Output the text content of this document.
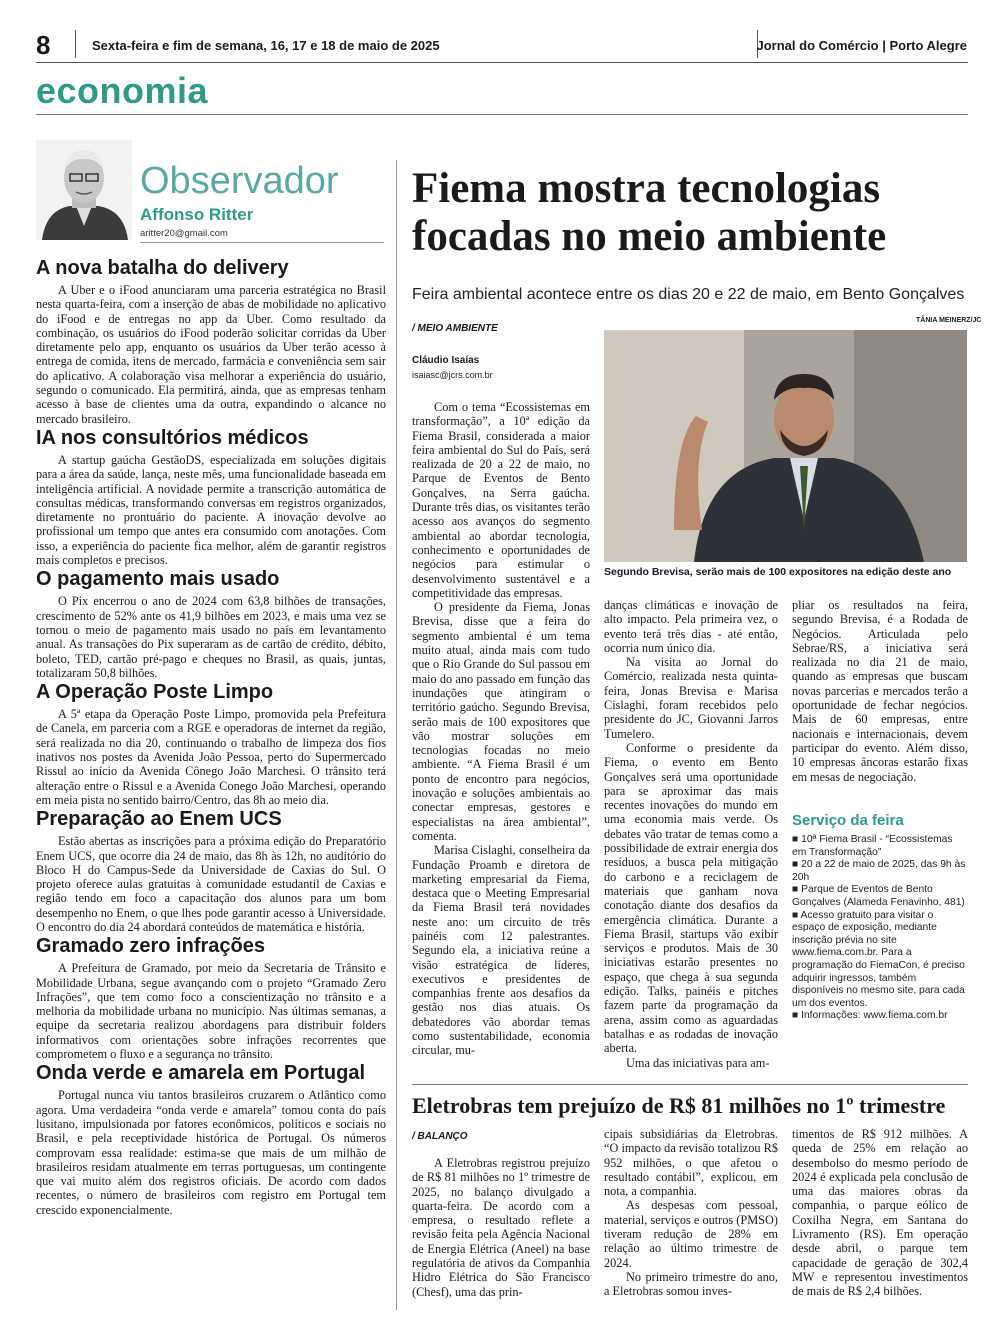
8	Sexta-feira e fim de semana, 16, 17 e 18 de maio de 2025	Jornal do Comércio | Porto Alegre
economia
Observador
Affonso Ritter
aritter20@gmail.com
A nova batalha do delivery

A Uber e o iFood anunciaram uma parceria estratégica no Brasil nesta quarta-feira, com a inserção de abas de mobilidade no aplicativo do iFood e de entregas no app da Uber. Como resultado da combinação, os usuários do iFood poderão solicitar corridas da Uber diretamente pelo app, enquanto os usuários da Uber terão acesso à entrega de comida, itens de mercado, farmácia e conveniência sem sair do aplicativo. A colaboração visa melhorar a experiência do usuário, segundo o comunicado. Ela permitirá, ainda, que as empresas tenham acesso à base de clientes uma da outra, expandindo o alcance no mercado brasileiro.

IA nos consultórios médicos

A startup gaúcha GestãoDS, especializada em soluções digitais para a área da saúde, lança, neste mês, uma funcionalidade baseada em inteligência artificial. A novidade permite a transcrição automática de consultas médicas, transformando conversas em registros organizados, diretamente no prontuário do paciente. A inovação devolve ao profissional um tempo que antes era consumido com anotações. Com isso, a experiência do paciente fica melhor, além de garantir registros mais completos e precisos.

O pagamento mais usado

O Pix encerrou o ano de 2024 com 63,8 bilhões de transações, crescimento de 52% ante os 41,9 bilhões em 2023, e mais uma vez se tornou o meio de pagamento mais usado no país em levantamento anual. As transações do Pix superaram as de cartão de crédito, débito, boleto, TED, cartão pré-pago e cheques no Brasil, as quais, juntas, totalizaram 50,8 bilhões.

A Operação Poste Limpo

A 5ª etapa da Operação Poste Limpo, promovida pela Prefeitura de Canela, em parceria com a RGE e operadoras de internet da região, será realizada no dia 20, continuando o trabalho de limpeza dos fios inativos nos postes da Avenida João Pessoa, perto do Supermercado Rissul ao início da Avenida Cônego João Marchesi. O trânsito terá alteração entre o Rissul e a Avenida Conego João Marchesi, operando em meia pista no sentido bairro/Centro, das 8h ao meio dia.

Preparação ao Enem UCS

Estão abertas as inscrições para a próxima edição do Preparatório Enem UCS, que ocorre dia 24 de maio, das 8h às 12h, no auditório do Bloco H do Campus-Sede da Universidade de Caxias do Sul. O projeto oferece aulas gratuitas à comunidade estudantil de Caxias e região tendo em foco a capacitação dos alunos para um bom desempenho no Enem, o que lhes pode garantir acesso à Universidade. O encontro do dia 24 abordará conteúdos de matemática e história.

Gramado zero infrações

A Prefeitura de Gramado, por meio da Secretaria de Trânsito e Mobilidade Urbana, segue avançando com o projeto “Gramado Zero Infrações”, que tem como foco a conscientização no trânsito e a melhoria da mobilidade urbana no município. Nas últimas semanas, a equipe da secretaria realizou abordagens para distribuir folders informativos com orientações sobre infrações recorrentes que comprometem o fluxo e a segurança no trânsito.

Onda verde e amarela em Portugal

Portugal nunca viu tantos brasileiros cruzarem o Atlântico como agora. Uma verdadeira “onda verde e amarela” tomou conta do país lusitano, impulsionada por fatores econômicos, políticos e sociais no Brasil, e pela receptividade histórica de Portugal. Os números comprovam essa realidade: estima-se que mais de um milhão de brasileiros residam atualmente em terras portuguesas, um contingente que vai muito além dos registros oficiais. De acordo com dados recentes, o número de brasileiros com registro em Portugal tem crescido exponencialmente.

Fiema mostra tecnologias focadas no meio ambiente
Feira ambiental acontece entre os dias 20 e 22 de maio, em Bento Gonçalves
/ MEIO AMBIENTE
Cláudio Isaías
isaiasc@jcrs.com.br
TÂNIA MEINERZ/JC
Segundo Brevisa, serão mais de 100 expositores na edição deste ano

Com o tema “Ecossistemas em transformação”, a 10ª edição da Fiema Brasil, considerada a maior feira ambiental do Sul do País, será realizada de 20 a 22 de maio, no Parque de Eventos de Bento Gonçalves, na Serra gaúcha. Durante três dias, os visitantes terão acesso aos avanços do segmento ambiental ao abordar tecnologia, conhecimento e oportunidades de negócios para estimular o desenvolvimento sustentável e a competitividade das empresas.

O presidente da Fiema, Jonas Brevisa, disse que a feira do segmento ambiental é um tema muito atual, ainda mais com tudo que o Rio Grande do Sul passou em maio do ano passado em função das inundações que atingiram o território gaúcho. Segundo Brevisa, serão mais de 100 expositores que vão mostrar soluções em tecnologias focadas no meio ambiente. “A Fiema Brasil é um ponto de encontro para negócios, inovação e soluções ambientais ao conectar empresas, gestores e especialistas na área ambiental”, comenta.

Marisa Cislaghi, conselheira da Fundação Proamb e diretora de marketing empresarial da Fiema, destaca que o Meeting Empresarial da Fiema Brasil terá novidades neste ano: um circuito de três painéis com 12 palestrantes. Segundo ela, a iniciativa reúne a visão estratégica de líderes, executivos e presidentes de companhias frente aos desafios da gestão nos dias atuais. Os debatedores vão abordar temas como sustentabilidade, economia circular, mu-

danças climáticas e inovação de alto impacto. Pela primeira vez, o evento terá três dias - até então, ocorria num único dia.

Na visita ao Jornal do Comércio, realizada nesta quinta-feira, Jonas Brevisa e Marisa Cislaghi, foram recebidos pelo presidente do JC, Giovanni Jarros Tumelero.

Conforme o presidente da Fiema, o evento em Bento Gonçalves será uma oportunidade para se aproximar das mais recentes inovações do mundo em uma economia mais verde. Os debates vão tratar de temas como a possibilidade de extrair energia dos resíduos, a busca pela mitigação do carbono e a reciclagem de materiais que ganham nova conotação diante dos desafios da emergência climática. Durante a Fiema Brasil, startups vão exibir serviços e produtos. Mais de 30 iniciativas estarão presentes no espaço, que chega à sua segunda edição. Talks, painéis e pitches fazem parte da programação da arena, assim como as aguardadas batalhas e as rodadas de inovação aberta.

Uma das iniciativas para am-

pliar os resultados na feira, segundo Brevisa, é a Rodada de Negócios. Articulada pelo Sebrae/RS, a iniciativa será realizada no dia 21 de maio, quando as empresas que buscam novas parcerias e mercados terão a oportunidade de fechar negócios. Mais de 60 empresas, entre nacionais e internacionais, devem participar do evento. Além disso, 10 empresas âncoras estarão fixas em mesas de negociação.

Serviço da feira
■ 10ª Fiema Brasil - “Ecossistemas em Transformação”
■ 20 a 22 de maio de 2025, das 9h às 20h
■ Parque de Eventos de Bento Gonçalves (Alameda Fenavinho, 481)
■ Acesso gratuito para visitar o espaço de exposição, mediante inscrição prévia no site www.fiema.com.br. Para a programação do FiemaCon, é preciso adquirir ingressos, também disponíveis no mesmo site, para cada um dos eventos.
■ Informações: www.fiema.com.br
Eletrobras tem prejuízo de R$ 81 milhões no 1º trimestre
/ BALANÇO

A Eletrobras registrou prejuízo de R$ 81 milhões no 1º trimestre de 2025, no balanço divulgado a quarta-feira. De acordo com a empresa, o resultado reflete a revisão feita pela Agência Nacional de Energia Elétrica (Aneel) na base regulatória de ativos da Companhia Hidro Elétrica do São Francisco (Chesf), uma das prin-

cipais subsidiárias da Eletrobras. “O impacto da revisão totalizou R$ 952 milhões, o que afetou o resultado contábil”, explicou, em nota, a companhia.

As despesas com pessoal, material, serviços e outros (PMSO) tiveram redução de 28% em relação ao último trimestre de 2024.

No primeiro trimestre do ano, a Eletrobras somou inves-

timentos de R$ 912 milhões. A queda de 25% em relação ao desembolso do mesmo período de 2024 é explicada pela conclusão de uma das maiores obras da companhia, o parque eólico de Coxilha Negra, em Santana do Livramento (RS). Em operação desde abril, o parque tem capacidade de geração de 302,4 MW e representou investimentos de mais de R$ 2,4 bilhões.
